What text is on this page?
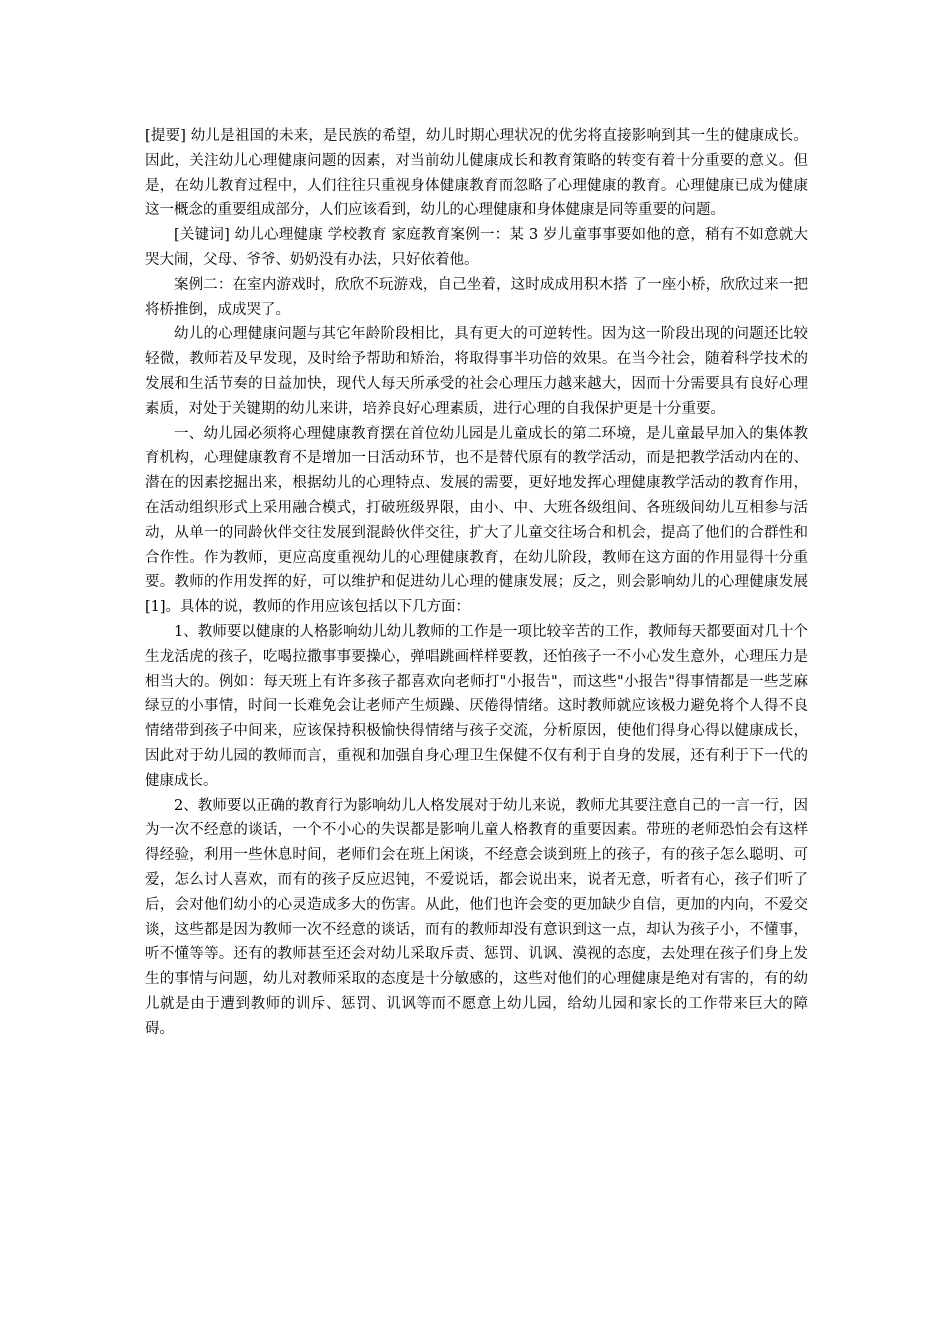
[提要] 幼儿是祖国的未来，是民族的希望，幼儿时期心理状况的优劣将直接影响到其一生的健康成长。因此，关注幼儿心理健康问题的因素，对当前幼儿健康成长和教育策略的转变有着十分重要的意义。但是，在幼儿教育过程中，人们往往只重视身体健康教育而忽略了心理健康的教育。心理健康已成为健康这一概念的重要组成部分，人们应该看到，幼儿的心理健康和身体健康是同等重要的问题。

[关键词] 幼儿心理健康 学校教育 家庭教育案例一：某 3 岁儿童事事要如他的意，稍有不如意就大哭大闹，父母、爷爷、奶奶没有办法，只好依着他。

案例二：在室内游戏时，欣欣不玩游戏，自己坐着，这时成成用积木搭 了一座小桥，欣欣过来一把将桥推倒，成成哭了。

幼儿的心理健康问题与其它年龄阶段相比，具有更大的可逆转性。因为这一阶段出现的问题还比较轻微，教师若及早发现，及时给予帮助和矫治，将取得事半功倍的效果。在当今社会，随着科学技术的发展和生活节奏的日益加快，现代人每天所承受的社会心理压力越来越大，因而十分需要具有良好心理素质，对处于关键期的幼儿来讲，培养良好心理素质，进行心理的自我保护更是十分重要。

一、幼儿园必须将心理健康教育摆在首位幼儿园是儿童成长的第二环境，是儿童最早加入的集体教育机构，心理健康教育不是增加一日活动环节，也不是替代原有的教学活动，而是把教学活动内在的、潜在的因素挖掘出来，根据幼儿的心理特点、发展的需要，更好地发挥心理健康教学活动的教育作用，在活动组织形式上采用融合模式，打破班级界限，由小、中、大班各级组间、各班级间幼儿互相参与活动，从单一的同龄伙伴交往发展到混龄伙伴交往，扩大了儿童交往场合和机会，提高了他们的合群性和合作性。作为教师，更应高度重视幼儿的心理健康教育，在幼儿阶段，教师在这方面的作用显得十分重要。教师的作用发挥的好，可以维护和促进幼儿心理的健康发展；反之，则会影响幼儿的心理健康发展[1]。具体的说，教师的作用应该包括以下几方面：

1、教师要以健康的人格影响幼儿幼儿教师的工作是一项比较辛苦的工作，教师每天都要面对几十个生龙活虎的孩子，吃喝拉撒事事要操心，弹唱跳画样样要教，还怕孩子一不小心发生意外，心理压力是相当大的。例如：每天班上有许多孩子都喜欢向老师打"小报告"，而这些"小报告"得事情都是一些芝麻绿豆的小事情，时间一长难免会让老师产生烦躁、厌倦得情绪。这时教师就应该极力避免将个人得不良情绪带到孩子中间来，应该保持积极愉快得情绪与孩子交流，分析原因，使他们得身心得以健康成长，因此对于幼儿园的教师而言，重视和加强自身心理卫生保健不仅有利于自身的发展，还有利于下一代的健康成长。

2、教师要以正确的教育行为影响幼儿人格发展对于幼儿来说，教师尤其要注意自己的一言一行，因为一次不经意的谈话，一个不小心的失误都是影响儿童人格教育的重要因素。带班的老师恐怕会有这样得经验，利用一些休息时间，老师们会在班上闲谈，不经意会谈到班上的孩子，有的孩子怎么聪明、可爱，怎么讨人喜欢，而有的孩子反应迟钝，不爱说话，都会说出来，说者无意，听者有心，孩子们听了后，会对他们幼小的心灵造成多大的伤害。从此，他们也许会变的更加缺少自信，更加的内向，不爱交谈，这些都是因为教师一次不经意的谈话，而有的教师却没有意识到这一点，却认为孩子小，不懂事，听不懂等等。还有的教师甚至还会对幼儿采取斥责、惩罚、讥讽、漠视的态度，去处理在孩子们身上发生的事情与问题，幼儿对教师采取的态度是十分敏感的，这些对他们的心理健康是绝对有害的，有的幼儿就是由于遭到教师的训斥、惩罚、讥讽等而不愿意上幼儿园，给幼儿园和家长的工作带来巨大的障碍。
